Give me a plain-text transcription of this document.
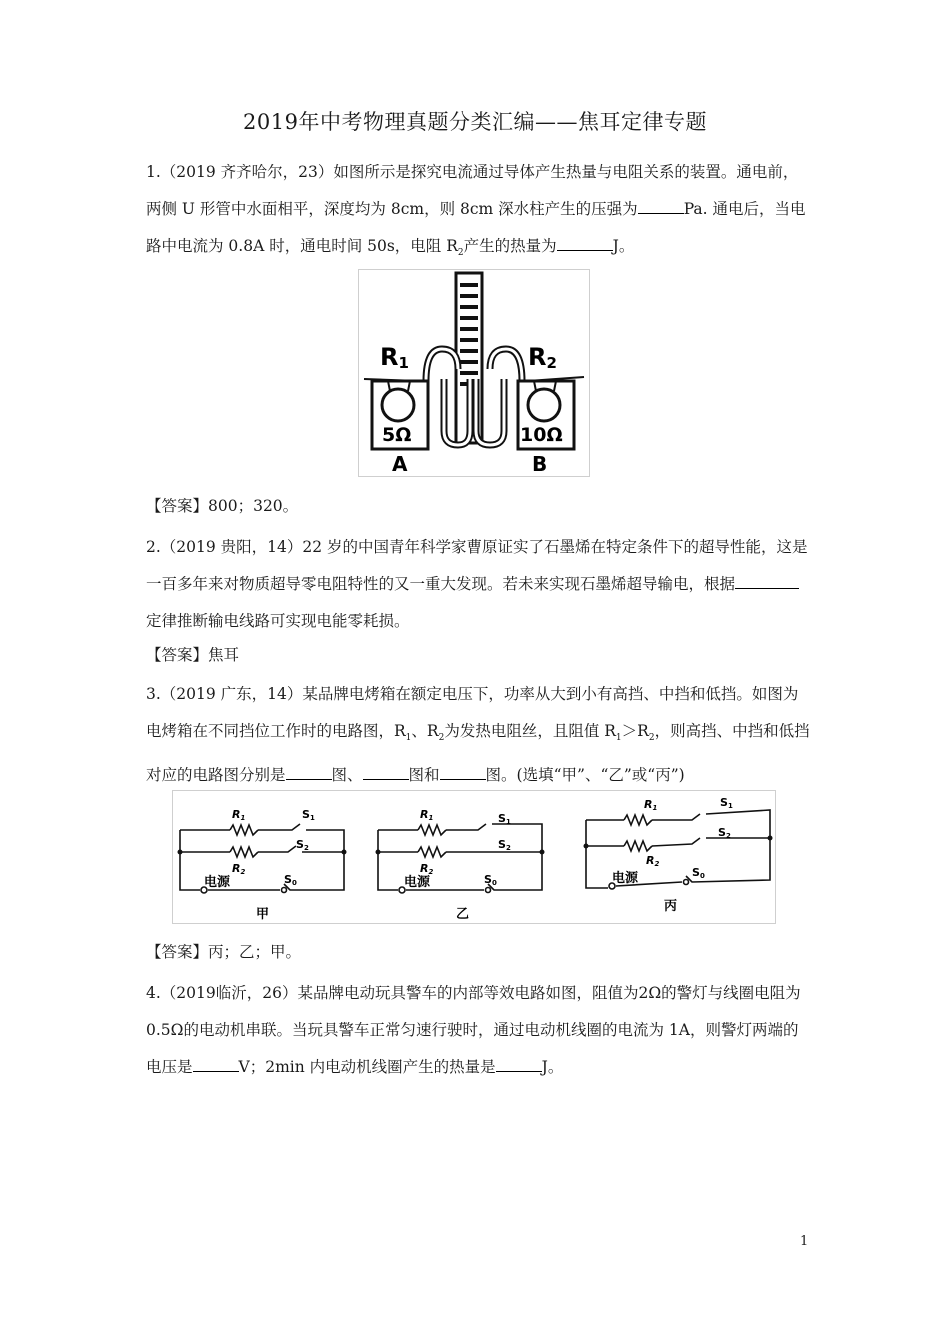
2019年中考物理真题分类汇编——焦耳定律专题

1.（2019 齐齐哈尔，23）如图所示是探究电流通过导体产生热量与电阻关系的装置。通电前，两侧 U 形管中水面相平，深度均为 8cm，则 8cm 深水柱产生的压强为	Pa. 通电后，当电路中电流为 0.8A 时，通电时间 50s，电阻 $R_2$产生的热量为	J。

R1	R2
5Ω	10Ω
A	B
【答案】800；320。

2.（2019 贵阳，14）22 岁的中国青年科学家曹原证实了石墨烯在特定条件下的超导性能，这是一百多年来对物质超导零电阻特性的又一重大发现。若未来实现石墨烯超导输电，根据定律推断输电线路可实现电能零耗损。

【答案】焦耳

3.（2019 广东，14）某品牌电烤箱在额定电压下，功率从大到小有高挡、中挡和低挡。如图为电烤箱在不同挡位工作时的电路图，$R_1$、$R_2$为发热电阻丝，且阻值 $R_1>R_2$，则高挡、中挡和低挡对应的电路图分别是	图、	图和	图。(选填“甲”、“乙”或“丙”)

R1	S1
S2
R2
S0
电源
甲
R1	S1
S2
R2
S0
电源
乙
R1	S1
S2
R2
S0
电源
丙
【答案】丙；乙；甲。

4.（2019临沂，26）某品牌电动玩具警车的内部等效电路如图，阻值为2Ω的警灯与线圈电阻为 0.5Ω的电动机串联。当玩具警车正常匀速行驶时，通过电动机线圈的电流为 1A，则警灯两端的电压是	V；2min 内电动机线圈产生的热量是	J。

1
